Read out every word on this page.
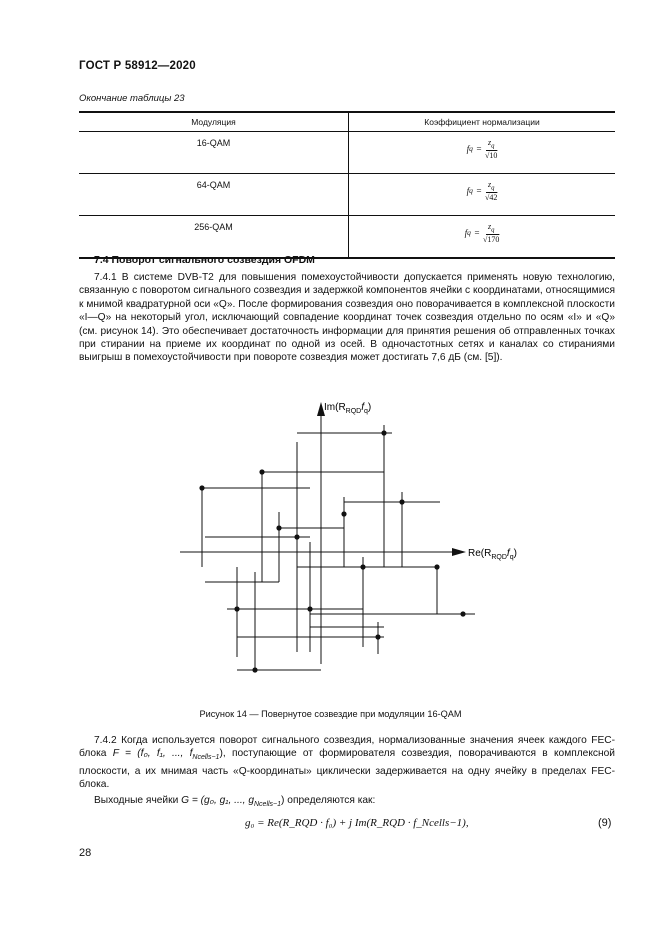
ГОСТ Р 58912—2020
Окончание таблицы 23
Модуляция	Коэффициент нормализации
16-QAM	f $q = \frac{z_q}{√10}$

64-QAM	f $q = \frac{z_q}{√42}$

256-QAM	f $q = \frac{z_q}{√170}$
7.4 Поворот сигнального созвездия OFDM

7.4.1 В системе DVB-T2 для повышения помехоустойчивости допускается применять новую технологию, связанную с поворотом сигнального созвездия и задержкой компонентов ячейки с координатами, относящимися к мнимой квадратурной оси «Q». После формирования созвездия оно поворачивается в комплексной плоскости «I—Q» на некоторый угол, исключающий совпадение координат точек созвездия отдельно по осям «I» и «Q» (см. рисунок 14). Это обеспечивает достаточность информации для принятия решения об отправленных точках при стирании на приеме их координат по одной из осей. В одночастотных сетях и каналах со стираниями выигрыш в помехоустойчивости при повороте созвездия может достигать 7,6 дБ (см. [5]).

$Im(R_{RQD}f_q)$
$Re(R_{RQD}f_q)$
Рисунок 14 — Повернутое созвездие при модуляции 16-QAM

7.4.2 Когда используется поворот сигнального созвездия, нормализованные значения ячеек каждого FEC-блока F = (f₀, f₁, ..., $f_{Ncells-1}$), поступающие от формирователя созвездия, поворачиваются в комплексной плоскости, а их мнимая часть «Q-координаты» циклически задерживается на одну ячейку в пределах FEC-блока.

Выходные ячейки G = (g₀, g₁, ..., $g_{Ncells-1}$) определяются как:

g₀ = Re(R_RQD · f₀) + j Im(R_RQD · f_Ncells−1),	(9)
28
